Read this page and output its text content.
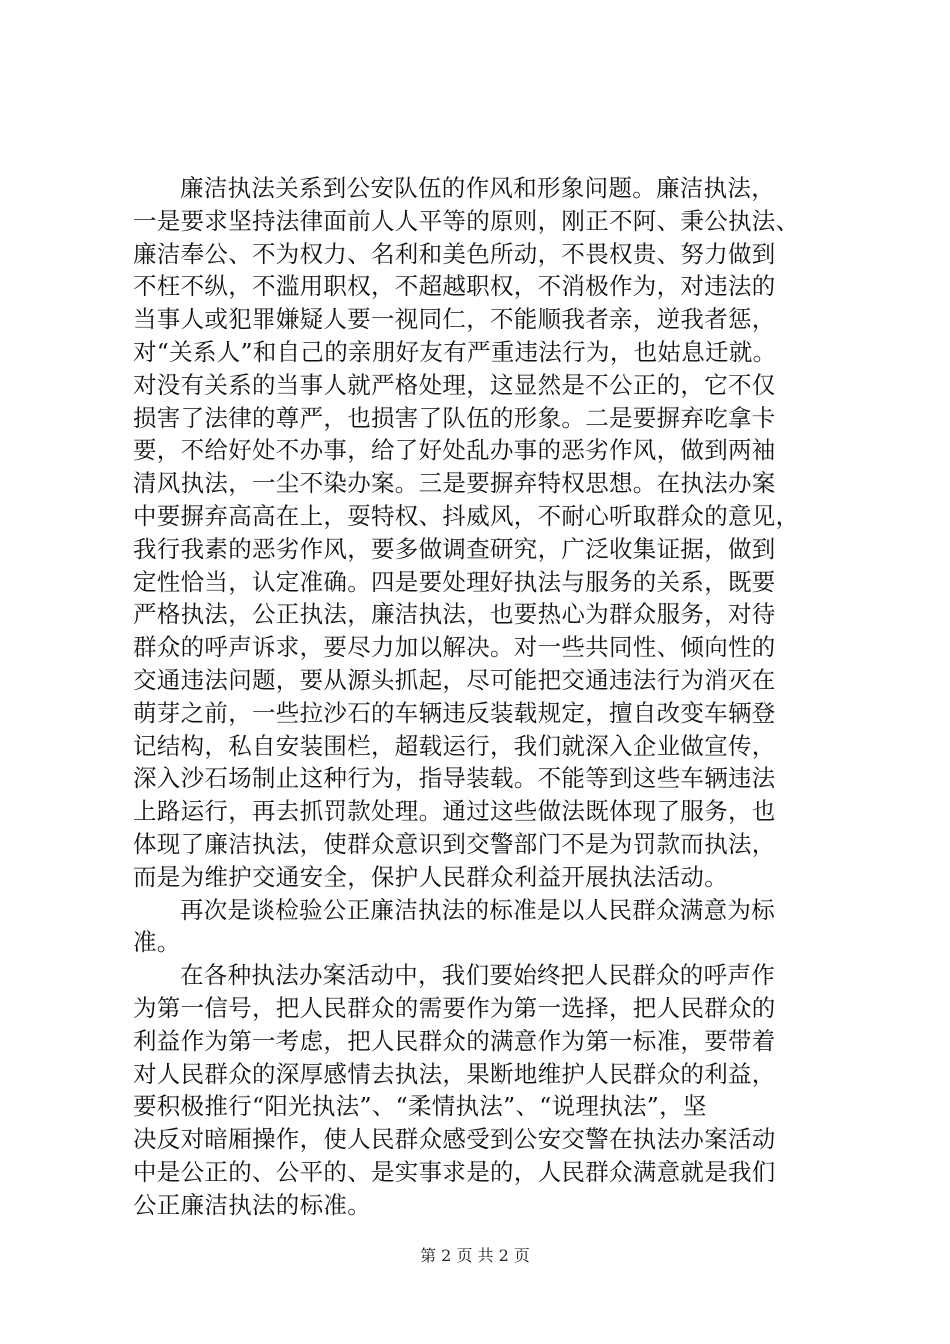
廉洁执法关系到公安队伍的作风和形象问题。廉洁执法，
一是要求坚持法律面前人人平等的原则，刚正不阿、秉公执法、
廉洁奉公、不为权力、名利和美色所动，不畏权贵、努力做到
不枉不纵，不滥用职权，不超越职权，不消极作为，对违法的
当事人或犯罪嫌疑人要一视同仁，不能顺我者亲，逆我者惩，
对“关系人”和自己的亲朋好友有严重违法行为，也姑息迁就。
对没有关系的当事人就严格处理，这显然是不公正的，它不仅
损害了法律的尊严，也损害了队伍的形象。二是要摒弃吃拿卡
要，不给好处不办事，给了好处乱办事的恶劣作风，做到两袖
清风执法，一尘不染办案。三是要摒弃特权思想。在执法办案
中要摒弃高高在上，耍特权、抖威风，不耐心听取群众的意见，
我行我素的恶劣作风，要多做调查研究，广泛收集证据，做到
定性恰当，认定准确。四是要处理好执法与服务的关系，既要
严格执法，公正执法，廉洁执法，也要热心为群众服务，对待
群众的呼声诉求，要尽力加以解决。对一些共同性、倾向性的
交通违法问题，要从源头抓起，尽可能把交通违法行为消灭在
萌芽之前，一些拉沙石的车辆违反装载规定，擅自改变车辆登
记结构，私自安装围栏，超载运行，我们就深入企业做宣传，
深入沙石场制止这种行为，指导装载。不能等到这些车辆违法
上路运行，再去抓罚款处理。通过这些做法既体现了服务，也
体现了廉洁执法，使群众意识到交警部门不是为罚款而执法，
而是为维护交通安全，保护人民群众利益开展执法活动。
再次是谈检验公正廉洁执法的标准是以人民群众满意为标
准。
在各种执法办案活动中，我们要始终把人民群众的呼声作
为第一信号，把人民群众的需要作为第一选择，把人民群众的
利益作为第一考虑，把人民群众的满意作为第一标准，要带着
对人民群众的深厚感情去执法，果断地维护人民群众的利益，
要积极推行“阳光执法”、“柔情执法”、“说理执法”，坚
决反对暗厢操作，使人民群众感受到公安交警在执法办案活动
中是公正的、公平的、是实事求是的，人民群众满意就是我们
公正廉洁执法的标准。
第 2 页 共 2 页
